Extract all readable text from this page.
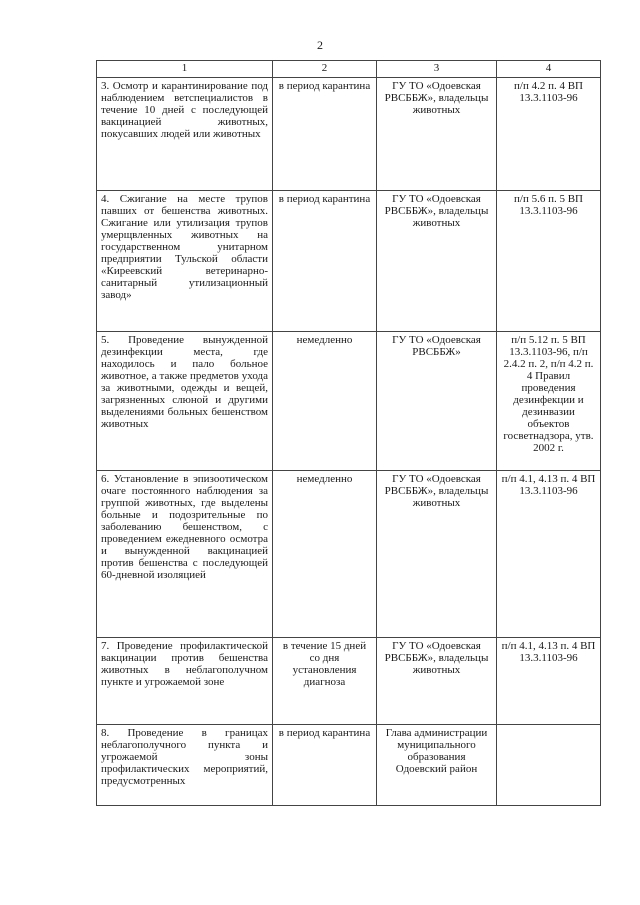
2
1	2	3	4
3. Осмотр и карантинирование под наблюдением ветспециалистов в течение 10 дней с последующей вакцинацией животных, покусавших людей или животных	в период карантина	ГУ ТО «Одоевская РВСББЖ», владельцы животных	п/п 4.2 п. 4 ВП 13.3.1103-96
4. Сжигание на месте трупов павших от бешенства животных. Сжигание или утилизация трупов умерщвленных животных на государственном унитарном предприятии Тульской области «Киреевский ветеринарно-санитарный утилизационный завод»	в период карантина	ГУ ТО «Одоевская РВСББЖ», владельцы животных	п/п 5.6 п. 5 ВП 13.3.1103-96
5. Проведение вынужденной дезинфекции места, где находилось и пало больное животное, а также предметов ухода за животными, одежды и вещей, загрязненных слюной и другими выделениями больных бешенством животных	немедленно	ГУ ТО «Одоевская РВСББЖ»	п/п 5.12 п. 5 ВП 13.3.1103-96, п/п 2.4.2 п. 2, п/п 4.2 п. 4 Правил проведения дезинфекции и дезинвазии объектов госветнадзора, утв. 2002 г.
6. Установление в эпизоотическом очаге постоянного наблюдения за группой животных, где выделены больные и подозрительные по заболеванию бешенством, с проведением ежедневного осмотра и вынужденной вакцинацией против бешенства с последующей 60-дневной изоляцией	немедленно	ГУ ТО «Одоевская РВСББЖ», владельцы животных	п/п 4.1, 4.13 п. 4 ВП 13.3.1103-96
7. Проведение профилактической вакцинации против бешенства животных в неблагополучном пункте и угрожаемой зоне	в течение 15 дней со дня установления диагноза	ГУ ТО «Одоевская РВСББЖ», владельцы животных	п/п 4.1, 4.13 п. 4 ВП 13.3.1103-96
8. Проведение в границах неблагополучного пункта и угрожаемой зоны профилактических мероприятий, предусмотренных	в период карантина	Глава администрации муниципального образования Одоевский район	
